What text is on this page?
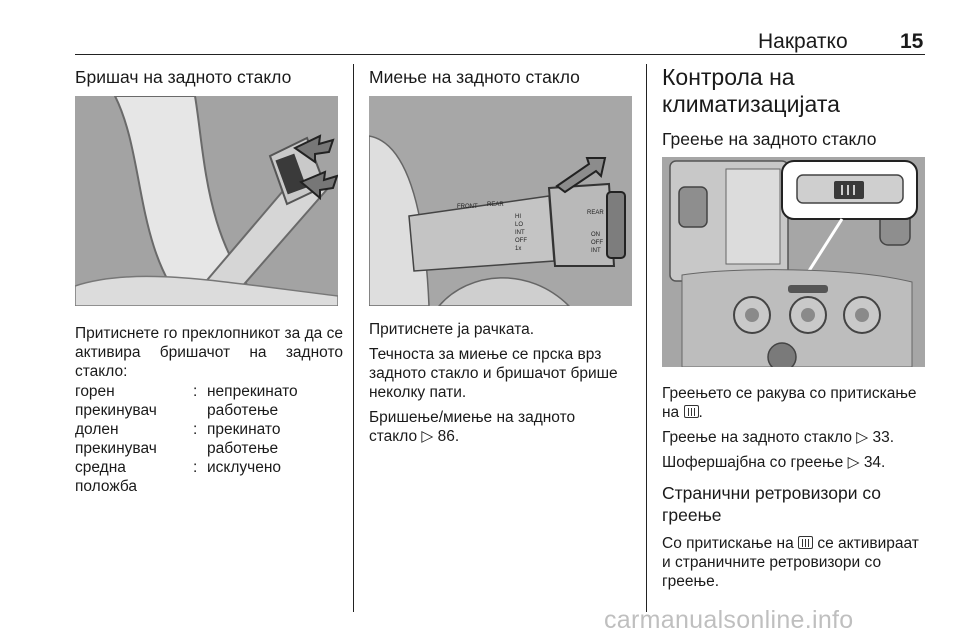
Накратко 15
Бришач на задното стакло

Притиснете го преклопникот за да се активира бришачот на задното стакло:

горен прекинувач
: непрекинато работење
долен прекинувач
: прекинато работење
средна положба
: исклучено
Миење на задното стакло
FRONT REAR
HI
LO
INT
OFF
1x
REAR
ON
OFF
INT

Притиснете ја рачката.

Течноста за миење се прска врз задното стакло и бришачот брише неколку пати.

Бришење/миење на задното стакло ▷ 86.

Контрола на климатизацијата
Греење на задното стакло

Греењето се ракува со притискање на .

Греење на задното стакло ▷ 33.

Шофершајбна со греење ▷ 34.

Странични ретровизори со греење

Со притискање на се активираат и страничните ретровизори со греење.

carmanualsonline.info
